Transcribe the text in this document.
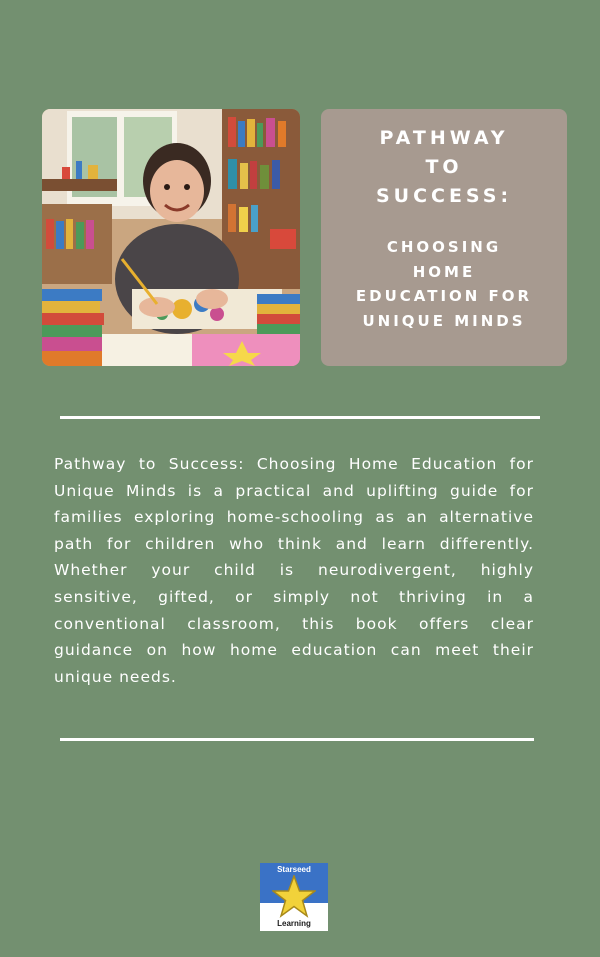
PATHWAY
TO
SUCCESS:
CHOOSING
HOME
EDUCATION FOR
UNIQUE MINDS

Pathway to Success: Choosing Home Education for Unique Minds is a practical and uplifting guide for families exploring home-schooling as an alternative path for children who think and learn differently. Whether your child is neurodivergent, highly sensitive, gifted, or simply not thriving in a conventional classroom, this book offers clear guidance on how home education can meet their unique needs.

Starseed
Learning
